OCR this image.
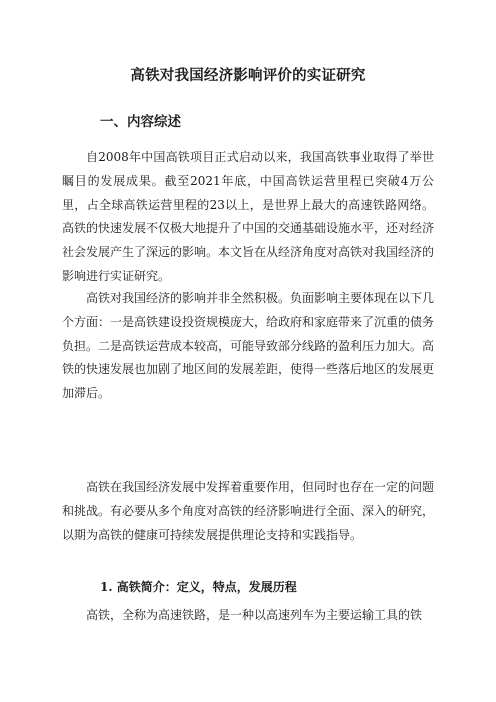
高铁对我国经济影响评价的实证研究
一、内容综述

自2008年中国高铁项目正式启动以来，我国高铁事业取得了举世瞩目的发展成果。截至2021年底，中国高铁运营里程已突破4万公里，占全球高铁运营里程的23以上，是世界上最大的高速铁路网络。高铁的快速发展不仅极大地提升了中国的交通基础设施水平，还对经济社会发展产生了深远的影响。本文旨在从经济角度对高铁对我国经济的影响进行实证研究。

高铁对我国经济的影响并非全然积极。负面影响主要体现在以下几个方面：一是高铁建设投资规模庞大，给政府和家庭带来了沉重的债务负担。二是高铁运营成本较高，可能导致部分线路的盈利压力加大。高铁的快速发展也加剧了地区间的发展差距，使得一些落后地区的发展更加滞后。

高铁在我国经济发展中发挥着重要作用，但同时也存在一定的问题和挑战。有必要从多个角度对高铁的经济影响进行全面、深入的研究，以期为高铁的健康可持续发展提供理论支持和实践指导。

1. 高铁简介：定义，特点，发展历程

高铁，全称为高速铁路，是一种以高速列车为主要运输工具的铁
